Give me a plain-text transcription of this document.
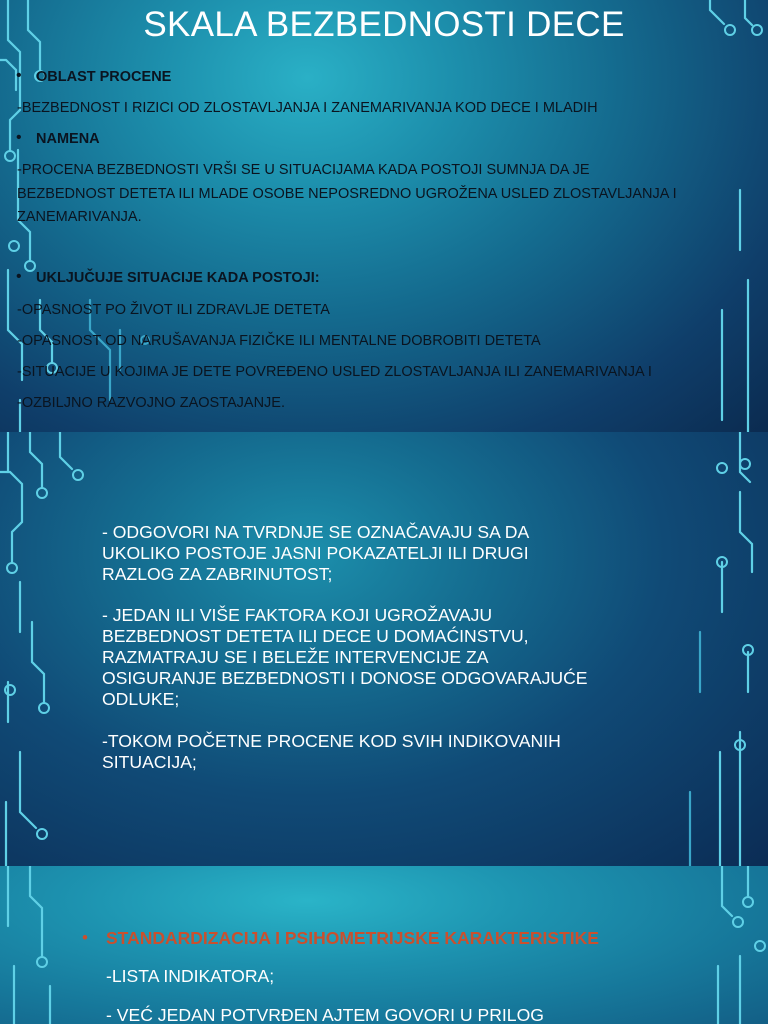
SKALA BEZBEDNOSTI DECE
• OBLAST PROCENE
-BEZBEDNOST I RIZICI OD ZLOSTAVLJANJA I ZANEMARIVANJA KOD DECE I MLADIH
• NAMENA
-PROCENA BEZBEDNOSTI VRŠI SE U SITUACIJAMA KADA POSTOJI SUMNJA DA JE
BEZBEDNOST DETETA ILI MLADE OSOBE NEPOSREDNO UGROŽENA USLED ZLOSTAVLJANJA I
ZANEMARIVANJA.
• UKLJUČUJE SITUACIJE KADA POSTOJI:
-OPASNOST PO ŽIVOT ILI ZDRAVLJE DETETA
-OPASNOST OD NARUŠAVANJA FIZIČKE ILI MENTALNE DOBROBITI DETETA
-SITUACIJE U KOJIMA JE DETE POVREĐENO USLED ZLOSTAVLJANJA ILI ZANEMARIVANJA I
-OZBILJNO RAZVOJNO ZAOSTAJANJE.
- ODGOVORI NA TVRDNJE SE OZNAČAVAJU SA DA
UKOLIKO POSTOJE JASNI POKAZATELJI ILI DRUGI
RAZLOG ZA ZABRINUTOST;
- JEDAN ILI VIŠE FAKTORA KOJI UGROŽAVAJU
BEZBEDNOST DETETA ILI DECE U DOMAĆINSTVU,
RAZMATRAJU SE I BELEŽE INTERVENCIJE ZA
OSIGURANJE BEZBEDNOSTI I DONOSE ODGOVARAJUĆE
ODLUKE;
-TOKOM POČETNE PROCENE KOD SVIH INDIKOVANIH
SITUACIJA;
• STANDARDIZACIJA I PSIHOMETRIJSKE KARAKTERISTIKE
-LISTA INDIKATORA;
- VEĆ JEDAN POTVRĐEN AJTEM GOVORI U PRILOG
